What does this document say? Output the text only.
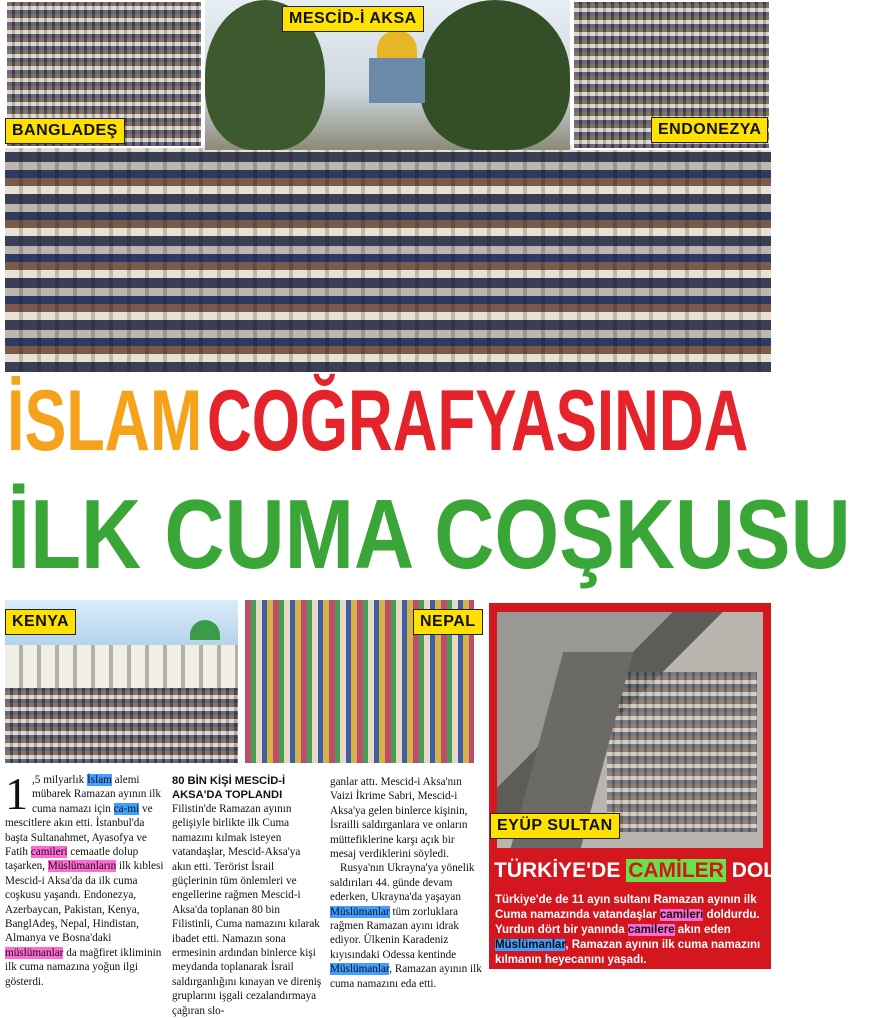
MESCİD-İ AKSA
BANGLADEŞ	ENDONEZYA
İSLAM COĞRAFYASINDA
İLK CUMA COŞKUSU
KENYA	NEPAL
EYÜP SULTAN
TÜRKİYE'DE CAMİLER DOLDU TAŞTI
Türkiye'de de 11 ayın sultanı Ramazan ayının ilk Cuma namazında vatandaşlar camileri doldurdu. Yurdun dört bir yanında camilere akın eden Müslümanlar, Ramazan ayının ilk cuma namazını kılmanın heyecanını yaşadı.

1 ,5 milyarlık İslam alemi mübarek Ramazan ayının ilk cuma namazı için ca-mi ve mescitlere akın etti. İstanbul'da başta Sultanahmet, Ayasofya ve Fatih camileri cemaatle dolup taşarken, Müslümanların ilk kıblesi Mescid-i Aksa'da da ilk cuma coşkusu yaşandı. Endonezya, Azerbaycan, Pakistan, Kenya, BanglAdeş, Nepal, Hindistan, Almanya ve Bosna'daki müslümanlar da mağfiret ikliminin ilk cuma namazına yoğun ilgi gösterdi.

80 BİN KİŞİ MESCİD-İ AKSA'DA TOPLANDI

Filistin'de Ramazan ayının gelişiyle birlikte ilk Cuma namazını kılmak isteyen vatandaşlar, Mescid-Aksa'ya akın etti. Terörist İsrail güçlerinin tüm önlemleri ve engellerine rağmen Mescid-i Aksa'da toplanan 80 bin Filistinli, Cuma namazını kılarak ibadet etti. Namazın sona ermesinin ardından binlerce kişi meydanda toplanarak İsrail saldırganlığını kınayan ve direniş gruplarını işgali cezalandırmaya çağıran slo-

ganlar attı. Mescid-i Aksa'nın Vaizi İkrime Sabri, Mescid-i Aksa'ya gelen binlerce kişinin, İsrailli saldırganlara ve onların müttefiklerine karşı açık bir mesaj verdiklerini söyledi.

Rusya'nın Ukrayna'ya yönelik saldırıları 44. günde devam ederken, Ukrayna'da yaşayan Müslümanlar tüm zorluklara rağmen Ramazan ayını idrak ediyor. Ülkenin Karadeniz kıyısındaki Odessa kentinde Müslümanlar, Ramazan ayının ilk cuma namazını eda etti.
